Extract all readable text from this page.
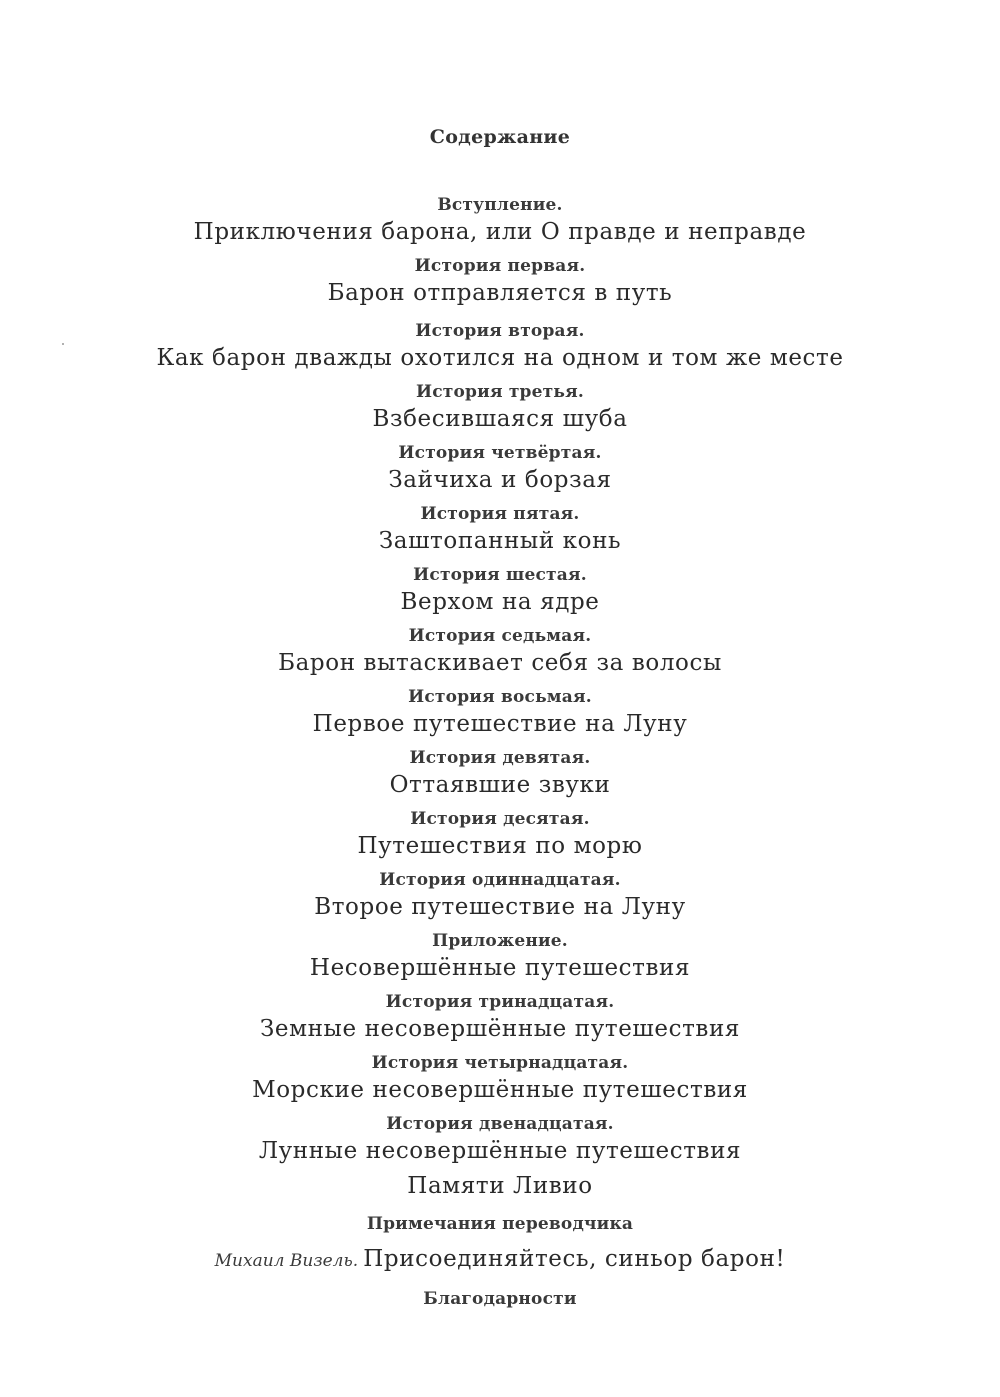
Содержание
Вступление.
Приключения барона, или О правде и неправде
История первая.
Барон отправляется в путь
История вторая.
Как барон дважды охотился на одном и том же месте
История третья.
Взбесившаяся шуба
История четвёртая.
Зайчиха и борзая
История пятая.
Заштопанный конь
История шестая.
Верхом на ядре
История седьмая.
Барон вытаскивает себя за волосы
История восьмая.
Первое путешествие на Луну
История девятая.
Оттаявшие звуки
История десятая.
Путешествия по морю
История одиннадцатая.
Второе путешествие на Луну
Приложение.
Несовершённые путешествия
История тринадцатая.
Земные несовершённые путешествия
История четырнадцатая.
Морские несовершённые путешествия
История двенадцатая.
Лунные несовершённые путешествия
Памяти Ливио
Примечания переводчика
Михаил Визель. Присоединяйтесь, синьор барон!
Благодарности
